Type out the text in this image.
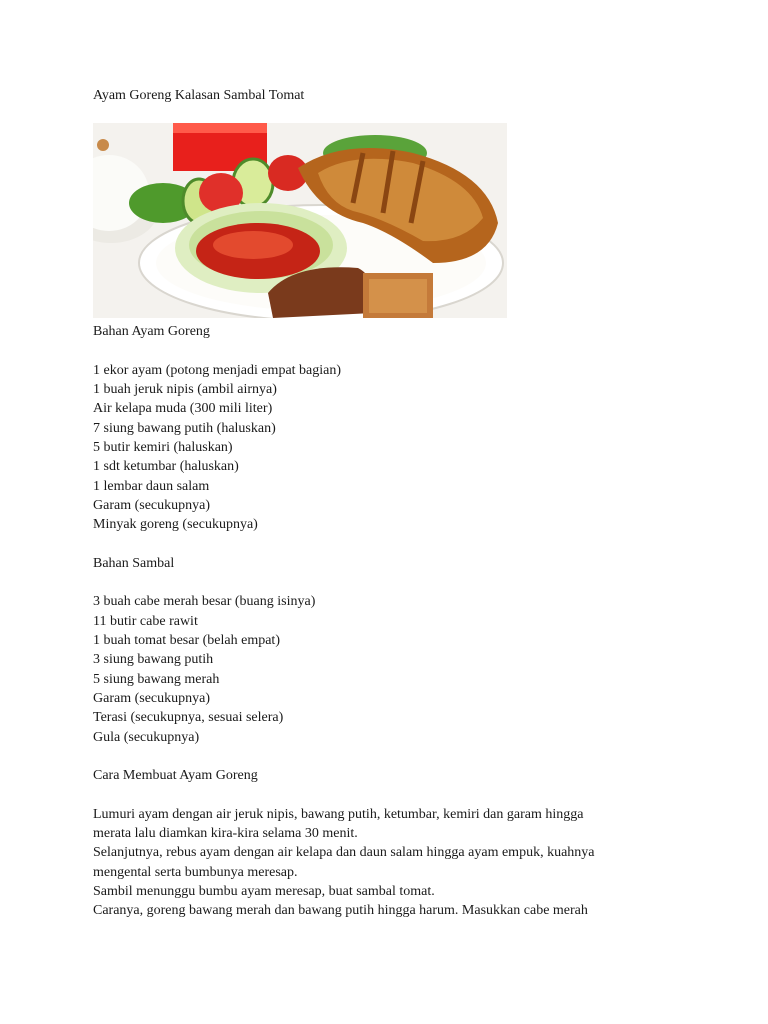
Ayam Goreng Kalasan Sambal Tomat

Bahan Ayam Goreng

1 ekor ayam (potong menjadi empat bagian)

1 buah jeruk nipis (ambil airnya)

Air kelapa muda (300 mili liter)

7 siung bawang putih (haluskan)

5 butir kemiri (haluskan)

1 sdt ketumbar (haluskan)

1 lembar daun salam

Garam (secukupnya)

Minyak goreng (secukupnya)

Bahan Sambal

3 buah cabe merah besar (buang isinya)

11 butir cabe rawit

1 buah tomat besar (belah empat)

3 siung bawang putih

5 siung bawang merah

Garam (secukupnya)

Terasi (secukupnya, sesuai selera)

Gula (secukupnya)

Cara Membuat Ayam Goreng

Lumuri ayam dengan air jeruk nipis, bawang putih, ketumbar, kemiri dan garam hingga

merata lalu diamkan kira-kira selama 30 menit.

Selanjutnya, rebus ayam dengan air kelapa dan daun salam hingga ayam empuk, kuahnya

mengental serta bumbunya meresap.

Sambil menunggu bumbu ayam meresap, buat sambal tomat.

Caranya, goreng bawang merah dan bawang putih hingga harum. Masukkan cabe merah
